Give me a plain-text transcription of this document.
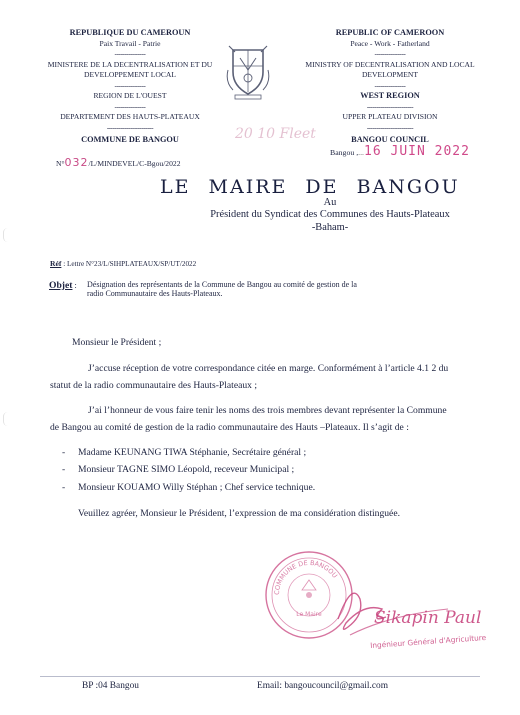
REPUBLIQUE DU CAMEROUN
Paix Travail - Patrie
----------------
MINISTERE DE LA DECENTRALISATION ET DU DEVELOPPEMENT LOCAL
----------------
REGION DE L'OUEST
----------------
DEPARTEMENT DES HAUTS-PLATEAUX
------------------------
COMMUNE DE BANGOU
REPUBLIC OF CAMEROON
Peace - Work - Fatherland
----------------
MINISTRY OF DECENTRALISATION AND LOCAL DEVELOPMENT
----------------
WEST REGION
------------------------
UPPER PLATEAU DIVISION
------------------------
BANGOU COUNCIL
20 10 Fleet
N°032/L/MINDEVEL/C-Bgou/2022
Bangou ,...16 JUIN 2022
LE MAIRE DE BANGOU
Au
Président du Syndicat des Communes des Hauts-Plateaux
-Baham-
Réf : Lettre N°23/L/SIHPLATEAUX/SP/UT/2022
Objet : Désignation des représentants de la Commune de Bangou au comité de gestion de la radio Communautaire des Hauts-Plateaux.
Monsieur le Président ;
J’accuse réception de votre correspondance citée en marge. Conformément à l’article 4.1 2 du
statut de la radio communautaire des Hauts-Plateaux ;
J’ai l’honneur de vous faire tenir les noms des trois membres devant représenter la Commune
de Bangou au comité de gestion de la radio communautaire des Hauts –Plateaux. Il s’agit de :
- Madame KEUNANG TIWA Stéphanie, Secrétaire général ;
- Monsieur TAGNE SIMO Léopold, receveur Municipal ;
- Monsieur KOUAMO Willy Stéphan ; Chef service technique.
Veuillez agréer, Monsieur le Président, l’expression de ma considération distinguée.
COMMUNE DE BANGOU
Le Maire	Sikapin Paul
Ingénieur Général d'Agriculture
BP :04 Bangou	Email: bangoucouncil@gmail.com
